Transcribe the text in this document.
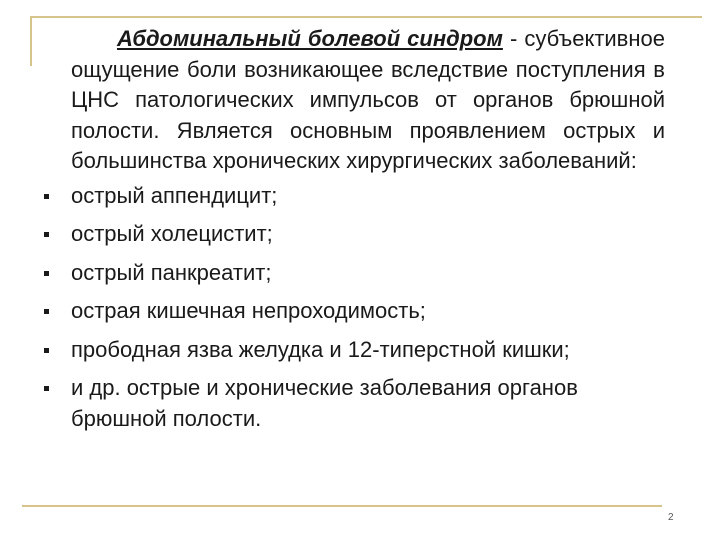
Абдоминальный болевой синдром - субъективное ощущение боли возникающее вследствие поступления в ЦНС патологических импульсов от органов брюшной полости. Является основным проявлением острых и большинства хронических хирургических заболеваний:
острый аппендицит;
острый холецистит;
острый панкреатит;
острая кишечная непроходимость;
прободная язва желудка и 12-типерстной кишки;
и др. острые и хронические заболевания органов брюшной полости.
2
